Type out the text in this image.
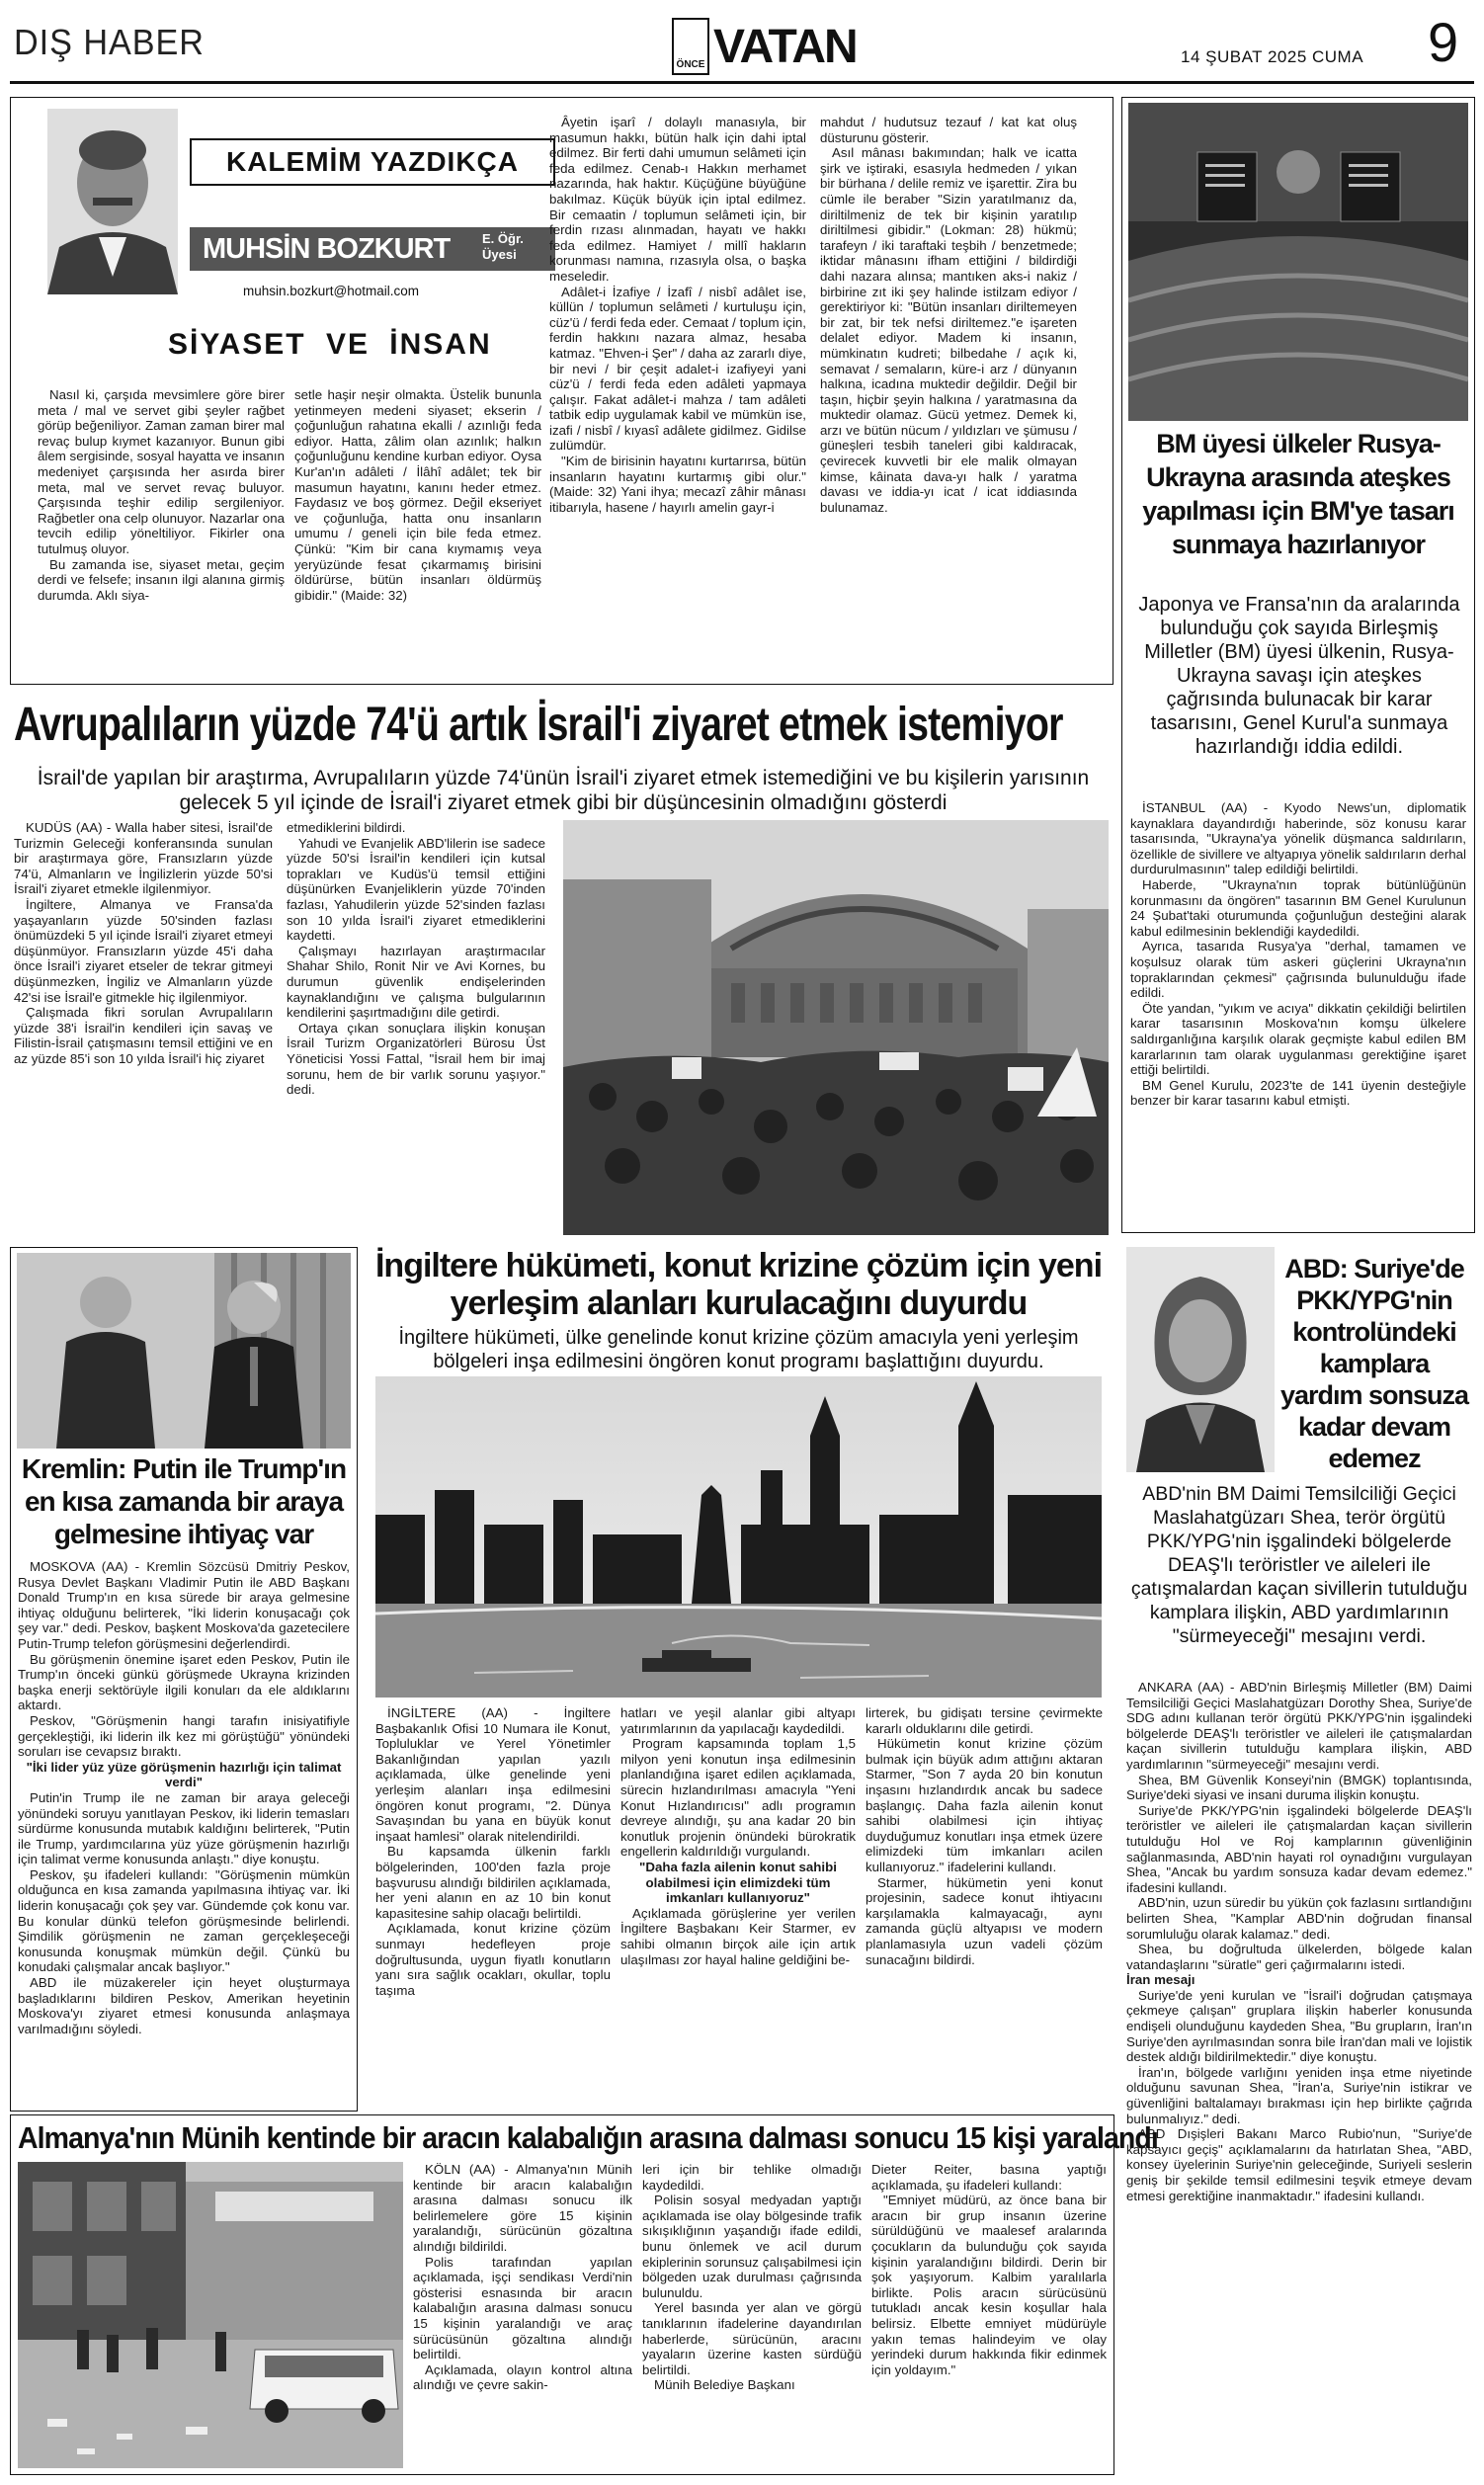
DIŞ HABER
ÖNCE VATAN	14 ŞUBAT 2025 CUMA 9
KALEMİM YAZDIKÇA
MUHSİN BOZKURT	E. Öğr. Üyesi
muhsin.bozkurt@hotmail.com
SİYASET VE İNSAN

Nasıl ki, çarşıda mevsimlere göre birer meta / mal ve servet gibi şeyler rağbet görüp beğeniliyor. Zaman zaman birer mal revaç bulup kıymet kazanıyor. Bunun gibi âlem sergisinde, sosyal hayatta ve insanın medeniyet çarşısında her asırda birer meta, mal ve servet revaç buluyor. Çarşısında teşhir edilip sergileniyor. Rağbetler ona celp olunuyor. Nazarlar ona tevcih edilip yöneltiliyor. Fikirler ona tutulmuş oluyor.

Bu zamanda ise, siyaset metaı, geçim derdi ve felsefe; insanın ilgi alanına girmiş durumda. Aklı siya-

setle haşir neşir olmakta. Üstelik bununla yetinmeyen medeni siyaset; ekserin / çoğunluğun rahatına ekalli / azınlığı feda ediyor. Hatta, zâlim olan azınlık; halkın çoğunluğunu kendine kurban ediyor. Oysa Kur'an'ın adâleti / İlâhî adâlet; tek bir masumun hayatını, kanını heder etmez. Faydasız ve boş görmez. Değil ekseriyet ve çoğunluğa, hatta onu insanların umumu / geneli için bile feda etmez. Çünkü: "Kim bir cana kıymamış veya yeryüzünde fesat çıkarmamış birisini öldürürse, bütün insanları öldürmüş gibidir." (Maide: 32)

Âyetin işarî / dolaylı manasıyla, bir masumun hakkı, bütün halk için dahi iptal edilmez. Bir ferti dahi umumun selâmeti için feda edilmez. Cenab-ı Hakkın merhamet nazarında, hak haktır. Küçüğüne büyüğüne bakılmaz. Küçük büyük için iptal edilmez. Bir cemaatin / toplumun selâmeti için, bir ferdin rızası alınmadan, hayatı ve hakkı feda edilmez. Hamiyet / millî hakların korunması namına, rızasıyla olsa, o başka meseledir.

Adâlet-i İzafiye / İzafî / nisbî adâlet ise, küllün / toplumun selâmeti / kurtuluşu için, cüz'ü / ferdi feda eder. Cemaat / toplum için, ferdin hakkını nazara almaz, hesaba katmaz. "Ehven-i Şer" / daha az zararlı diye, bir nevi / bir çeşit adalet-i izafiyeyi yani cüz'ü / ferdi feda eden adâleti yapmaya çalışır. Fakat adâlet-i mahza / tam adâleti tatbik edip uygulamak kabil ve mümkün ise, izafi / nisbî / kıyasî adâlete gidilmez. Gidilse zulümdür.

"Kim de birisinin hayatını kurtarırsa, bütün insanların hayatını kurtarmış gibi olur." (Maide: 32) Yani ihya; mecazî zâhir mânası itibarıyla, hasene / hayırlı amelin gayr-i

mahdut / hudutsuz tezauf / kat kat oluş düsturunu gösterir.

Asıl mânası bakımından; halk ve icatta şirk ve iştiraki, esasıyla hedmeden / yıkan bir bürhana / delile remiz ve işarettir. Zira bu cümle ile beraber "Sizin yaratılmanız da, diriltilmeniz de tek bir kişinin yaratılıp diriltilmesi gibidir." (Lokman: 28) hükmü; tarafeyn / iki taraftaki teşbih / benzetmede; iktidar mânasını ifham ettiğini / bildirdiği dahi nazara alınsa; mantıken aks-i nakiz / birbirine zıt iki şey halinde istilzam ediyor / gerektiriyor ki: "Bütün insanları diriltemeyen bir zat, bir tek nefsi diriltemez."e işareten delalet ediyor. Madem ki insanın, mümkinatın kudreti; bilbedahe / açık ki, semavat / semaların, küre-i arz / dünyanın halkına, icadına muktedir değildir. Değil bir taşın, hiçbir şeyin halkına / yaratmasına da muktedir olamaz. Gücü yetmez. Demek ki, arzı ve bütün nücum / yıldızları ve şümusu / güneşleri tesbih taneleri gibi kaldıracak, çevirecek kuvvetli bir ele malik olmayan kimse, kâinata dava-yı halk / yaratma davası ve iddia-yı icat / icat iddiasında bulunamaz.

Avrupalıların yüzde 74'ü artık İsrail'i ziyaret etmek istemiyor
İsrail'de yapılan bir araştırma, Avrupalıların yüzde 74'ünün İsrail'i ziyaret etmek istemediğini ve bu kişilerin yarısının gelecek 5 yıl içinde de İsrail'i ziyaret etmek gibi bir düşüncesinin olmadığını gösterdi

KUDÜS (AA) - Walla haber sitesi, İsrail'de Turizmin Geleceği konferansında sunulan bir araştırmaya göre, Fransızların yüzde 74'ü, Almanların ve İngilizlerin yüzde 50'si İsrail'i ziyaret etmekle ilgilenmiyor.

İngiltere, Almanya ve Fransa'da yaşayanların yüzde 50'sinden fazlası önümüzdeki 5 yıl içinde İsrail'i ziyaret etmeyi düşünmüyor. Fransızların yüzde 45'i daha önce İsrail'i ziyaret etseler de tekrar gitmeyi düşünmezken, İngiliz ve Almanların yüzde 42'si ise İsrail'e gitmekle hiç ilgilenmiyor.

Çalışmada fikri sorulan Avrupalıların yüzde 38'i İsrail'in kendileri için savaş ve Filistin-İsrail çatışmasını temsil ettiğini ve en az yüzde 85'i son 10 yılda İsrail'i hiç ziyaret

etmediklerini bildirdi.

Yahudi ve Evanjelik ABD'lilerin ise sadece yüzde 50'si İsrail'in kendileri için kutsal toprakları ve Kudüs'ü temsil ettiğini düşünürken Evanjeliklerin yüzde 70'inden fazlası, Yahudilerin yüzde 52'sinden fazlası son 10 yılda İsrail'i ziyaret etmediklerini kaydetti.

Çalışmayı hazırlayan araştırmacılar Shahar Shilo, Ronit Nir ve Avi Kornes, bu durumun güvenlik endişelerinden kaynaklandığını ve çalışma bulgularının kendilerini şaşırtmadığını dile getirdi.

Ortaya çıkan sonuçlara ilişkin konuşan İsrail Turizm Organizatörleri Bürosu Üst Yöneticisi Yossi Fattal, "İsrail hem bir imaj sorunu, hem de bir varlık sorunu yaşıyor." dedi.

BM üyesi ülkeler Rusya-Ukrayna arasında ateşkes yapılması için BM'ye tasarı sunmaya hazırlanıyor
Japonya ve Fransa'nın da aralarında bulunduğu çok sayıda Birleşmiş Milletler (BM) üyesi ülkenin, Rusya-Ukrayna savaşı için ateşkes çağrısında bulunacak bir karar tasarısını, Genel Kurul'a sunmaya hazırlandığı iddia edildi.

İSTANBUL (AA) - Kyodo News'un, diplomatik kaynaklara dayandırdığı haberinde, söz konusu karar tasarısında, "Ukrayna'ya yönelik düşmanca saldırıların, özellikle de sivillere ve altyapıya yönelik saldırıların derhal durdurulmasının" talep edildiği belirtildi.

Haberde, "Ukrayna'nın toprak bütünlüğünün korunmasını da öngören" tasarının BM Genel Kurulunun 24 Şubat'taki oturumunda çoğunluğun desteğini alarak kabul edilmesinin beklendiği kaydedildi.

Ayrıca, tasarıda Rusya'ya "derhal, tamamen ve koşulsuz olarak tüm askeri güçlerini Ukrayna'nın topraklarından çekmesi" çağrısında bulunulduğu ifade edildi.

Öte yandan, "yıkım ve acıya" dikkatin çekildiği belirtilen karar tasarısının Moskova'nın komşu ülkelere saldırganlığına karşılık olarak geçmişte kabul edilen BM kararlarının tam olarak uygulanması gerektiğine işaret ettiği belirtildi.

BM Genel Kurulu, 2023'te de 141 üyenin desteğiyle benzer bir karar tasarını kabul etmişti.

Kremlin: Putin ile Trump'ın en kısa zamanda bir araya gelmesine ihtiyaç var

MOSKOVA (AA) - Kremlin Sözcüsü Dmitriy Peskov, Rusya Devlet Başkanı Vladimir Putin ile ABD Başkanı Donald Trump'ın en kısa sürede bir araya gelmesine ihtiyaç olduğunu belirterek, "İki liderin konuşacağı çok şey var." dedi. Peskov, başkent Moskova'da gazetecilere Putin-Trump telefon görüşmesini değerlendirdi.

Bu görüşmenin önemine işaret eden Peskov, Putin ile Trump'ın önceki günkü görüşmede Ukrayna krizinden başka enerji sektörüyle ilgili konuları da ele aldıklarını aktardı.

Peskov, "Görüşmenin hangi tarafın inisiyatifiyle gerçekleştiği, iki liderin ilk kez mi görüştüğü" yönündeki soruları ise cevapsız bıraktı.

"İki lider yüz yüze görüşmenin hazırlığı için talimat verdi"

Putin'in Trump ile ne zaman bir araya geleceği yönündeki soruyu yanıtlayan Peskov, iki liderin temasları sürdürme konusunda mutabık kaldığını belirterek, "Putin ile Trump, yardımcılarına yüz yüze görüşmenin hazırlığı için talimat verme konusunda anlaştı." diye konuştu.

Peskov, şu ifadeleri kullandı: "Görüşmenin mümkün olduğunca en kısa zamanda yapılmasına ihtiyaç var. İki liderin konuşacağı çok şey var. Gündemde çok konu var. Bu konular dünkü telefon görüşmesinde belirlendi. Şimdilik görüşmenin ne zaman gerçekleşeceği konusunda konuşmak mümkün değil. Çünkü bu konudaki çalışmalar ancak başlıyor."

ABD ile müzakereler için heyet oluşturmaya başladıklarını bildiren Peskov, Amerikan heyetinin Moskova'yı ziyaret etmesi konusunda anlaşmaya varılmadığını söyledi.

İngiltere hükümeti, konut krizine çözüm için yeni yerleşim alanları kurulacağını duyurdu
İngiltere hükümeti, ülke genelinde konut krizine çözüm amacıyla yeni yerleşim bölgeleri inşa edilmesini öngören konut programı başlattığını duyurdu.

İNGİLTERE (AA) - İngiltere Başbakanlık Ofisi 10 Numara ile Konut, Topluluklar ve Yerel Yönetimler Bakanlığından yapılan yazılı açıklamada, ülke genelinde yeni yerleşim alanları inşa edilmesini öngören konut programı, "2. Dünya Savaşından bu yana en büyük konut inşaat hamlesi" olarak nitelendirildi.

Bu kapsamda ülkenin farklı bölgelerinden, 100'den fazla proje başvurusu alındığı bildirilen açıklamada, her yeni alanın en az 10 bin konut kapasitesine sahip olacağı belirtildi.

Açıklamada, konut krizine çözüm sunmayı hedefleyen proje doğrultusunda, uygun fiyatlı konutların yanı sıra sağlık ocakları, okullar, toplu taşıma

hatları ve yeşil alanlar gibi altyapı yatırımlarının da yapılacağı kaydedildi.

Program kapsamında toplam 1,5 milyon yeni konutun inşa edilmesinin planlandığına işaret edilen açıklamada, sürecin hızlandırılması amacıyla "Yeni Konut Hızlandırıcısı" adlı programın devreye alındığı, şu ana kadar 20 bin konutluk projenin önündeki bürokratik engellerin kaldırıldığı vurgulandı.

"Daha fazla ailenin konut sahibi olabilmesi için elimizdeki tüm imkanları kullanıyoruz"

Açıklamada görüşlerine yer verilen İngiltere Başbakanı Keir Starmer, ev sahibi olmanın birçok aile için artık ulaşılması zor hayal haline geldiğini be-

lirterek, bu gidişatı tersine çevirmekte kararlı olduklarını dile getirdi.

Hükümetin konut krizine çözüm bulmak için büyük adım attığını aktaran Starmer, "Son 7 ayda 20 bin konutun inşasını hızlandırdık ancak bu sadece başlangıç. Daha fazla ailenin konut sahibi olabilmesi için ihtiyaç duyduğumuz konutları inşa etmek üzere elimizdeki tüm imkanları acilen kullanıyoruz." ifadelerini kullandı.

Starmer, hükümetin yeni konut projesinin, sadece konut ihtiyacını karşılamakla kalmayacağı, aynı zamanda güçlü altyapısı ve modern planlamasıyla uzun vadeli çözüm sunacağını bildirdi.

ABD: Suriye'de PKK/YPG'nin kontrolündeki kamplara yardım sonsuza kadar devam edemez
ABD'nin BM Daimi Temsilciliği Geçici Maslahatgüzarı Shea, terör örgütü PKK/YPG'nin işgalindeki bölgelerde DEAŞ'lı teröristler ve aileleri ile çatışmalardan kaçan sivillerin tutulduğu kamplara ilişkin, ABD yardımlarının "sürmeyeceği" mesajını verdi.

ANKARA (AA) - ABD'nin Birleşmiş Milletler (BM) Daimi Temsilciliği Geçici Maslahatgüzarı Dorothy Shea, Suriye'de SDG adını kullanan terör örgütü PKK/YPG'nin işgalindeki bölgelerde DEAŞ'lı teröristler ve aileleri ile çatışmalardan kaçan sivillerin tutulduğu kamplara ilişkin, ABD yardımlarının "sürmeyeceği" mesajını verdi.

Shea, BM Güvenlik Konseyi'nin (BMGK) toplantısında, Suriye'deki siyasi ve insani duruma ilişkin konuştu.

Suriye'de PKK/YPG'nin işgalindeki bölgelerde DEAŞ'lı teröristler ve aileleri ile çatışmalardan kaçan sivillerin tutulduğu Hol ve Roj kamplarının güvenliğinin sağlanmasında, ABD'nin hayati rol oynadığını vurgulayan Shea, "Ancak bu yardım sonsuza kadar devam edemez." ifadesini kullandı.

ABD'nin, uzun süredir bu yükün çok fazlasını sırtlandığını belirten Shea, "Kamplar ABD'nin doğrudan finansal sorumluluğu olarak kalamaz." dedi.

Shea, bu doğrultuda ülkelerden, bölgede kalan vatandaşlarını "süratle" geri çağırmalarını istedi.

İran mesajı

Suriye'de yeni kurulan ve "İsrail'i doğrudan çatışmaya çekmeye çalışan" gruplara ilişkin haberler konusunda endişeli olunduğunu kaydeden Shea, "Bu grupların, İran'ın Suriye'den ayrılmasından sonra bile İran'dan mali ve lojistik destek aldığı bildirilmektedir." diye konuştu.

İran'ın, bölgede varlığını yeniden inşa etme niyetinde olduğunu savunan Shea, "İran'a, Suriye'nin istikrar ve güvenliğini baltalamayı bırakması için hep birlikte çağrıda bulunmalıyız." dedi.

ABD Dışişleri Bakanı Marco Rubio'nun, "Suriye'de kapsayıcı geçiş" açıklamalarını da hatırlatan Shea, "ABD, konsey üyelerinin Suriye'nin geleceğinde, Suriyeli seslerin geniş bir şekilde temsil edilmesini teşvik etmeye devam etmesi gerektiğine inanmaktadır." ifadesini kullandı.

Almanya'nın Münih kentinde bir aracın kalabalığın arasına dalması sonucu 15 kişi yaralandı

KÖLN (AA) - Almanya'nın Münih kentinde bir aracın kalabalığın arasına dalması sonucu ilk belirlemelere göre 15 kişinin yaralandığı, sürücünün gözaltına alındığı bildirildi.

Polis tarafından yapılan açıklamada, işçi sendikası Verdi'nin gösterisi esnasında bir aracın kalabalığın arasına dalması sonucu 15 kişinin yaralandığı ve araç sürücüsünün gözaltına alındığı belirtildi.

Açıklamada, olayın kontrol altına alındığı ve çevre sakin-

leri için bir tehlike olmadığı kaydedildi.

Polisin sosyal medyadan yaptığı açıklamada ise olay bölgesinde trafik sıkışıklığının yaşandığı ifade edildi, bunu önlemek ve acil durum ekiplerinin sorunsuz çalışabilmesi için bölgeden uzak durulması çağrısında bulunuldu.

Yerel basında yer alan ve görgü tanıklarının ifadelerine dayandırılan haberlerde, sürücünün, aracını yayaların üzerine kasten sürdüğü belirtildi.

Münih Belediye Başkanı

Dieter Reiter, basına yaptığı açıklamada, şu ifadeleri kullandı:

"Emniyet müdürü, az önce bana bir aracın bir grup insanın üzerine sürüldüğünü ve maalesef aralarında çocukların da bulunduğu çok sayıda kişinin yaralandığını bildirdi. Derin bir şok yaşıyorum. Kalbim yaralılarla birlikte. Polis aracın sürücüsünü tutukladı ancak kesin koşullar hala belirsiz. Elbette emniyet müdürüyle yakın temas halindeyim ve olay yerindeki durum hakkında fikir edinmek için yoldayım."
